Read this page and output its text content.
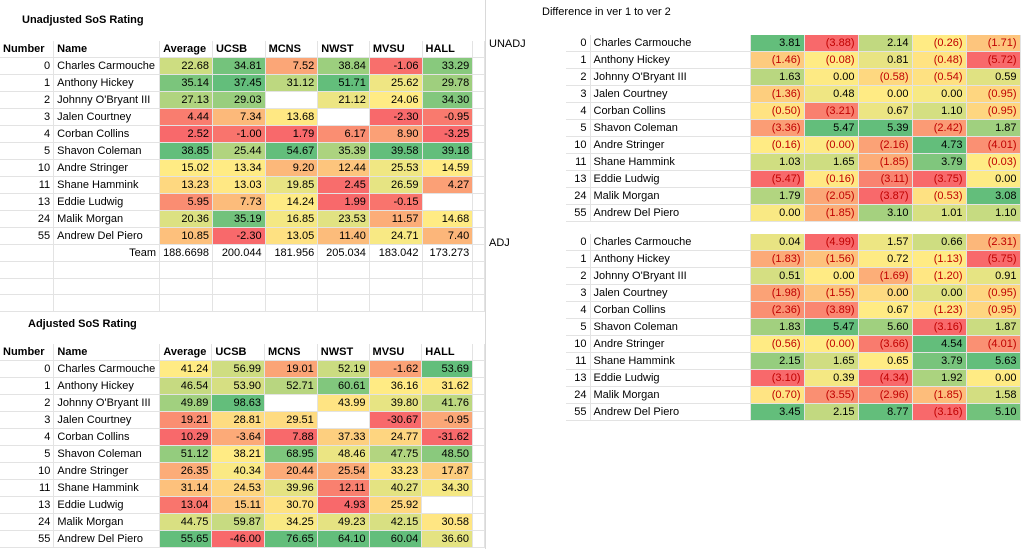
Unadjusted SoS Rating
Number	Name	Average	UCSB	MCNS	NWST	MVSU	HALL	
0	Charles Carmouche	22.68	34.81	7.52	38.84	-1.06	33.29	
1	Anthony Hickey	35.14	37.45	31.12	51.71	25.62	29.78	
2	Johnny O'Bryant III	27.13	29.03		21.12	24.06	34.30	
3	Jalen Courtney	4.44	7.34	13.68		-2.30	-0.95	
4	Corban Collins	2.52	-1.00	1.79	6.17	8.90	-3.25	
5	Shavon Coleman	38.85	25.44	54.67	35.39	39.58	39.18	
10	Andre Stringer	15.02	13.34	9.20	12.44	25.53	14.59	
11	Shane Hammink	13.23	13.03	19.85	2.45	26.59	4.27	
13	Eddie Ludwig	5.95	7.73	14.24	1.99	-0.15		
24	Malik Morgan	20.36	35.19	16.85	23.53	11.57	14.68	
55	Andrew Del Piero	10.85	-2.30	13.05	11.40	24.71	7.40	
	Team	188.6698	200.044	181.956	205.034	183.042	173.273	

Adjusted SoS Rating
Number	Name	Average	UCSB	MCNS	NWST	MVSU	HALL	
0	Charles Carmouche	41.24	56.99	19.01	52.19	-1.62	53.69	
1	Anthony Hickey	46.54	53.90	52.71	60.61	36.16	31.62	
2	Johnny O'Bryant III	49.89	98.63		43.99	39.80	41.76	
3	Jalen Courtney	19.21	28.81	29.51		-30.67	-0.95	
4	Corban Collins	10.29	-3.64	7.88	37.33	24.77	-31.62	
5	Shavon Coleman	51.12	38.21	68.95	48.46	47.75	48.50	
10	Andre Stringer	26.35	40.34	20.44	25.54	33.23	17.87	
11	Shane Hammink	31.14	24.53	39.96	12.11	40.27	34.30	
13	Eddie Ludwig	13.04	15.11	30.70	4.93	25.92		
24	Malik Morgan	44.75	59.87	34.25	49.23	42.15	30.58	
55	Andrew Del Piero	55.65	-46.00	76.65	64.10	60.04	36.60	
Difference in ver 1 to ver 2
UNADJ
ADJ
0	Charles Carmouche	3.81	(3.88)	2.14	(0.26)	(1.71)
1	Anthony Hickey	(1.46)	(0.08)	0.81	(0.48)	(5.72)
2	Johnny O'Bryant III	1.63	0.00	(0.58)	(0.54)	0.59
3	Jalen Courtney	(1.36)	0.48	0.00	0.00	(0.95)
4	Corban Collins	(0.50)	(3.21)	0.67	1.10	(0.95)
5	Shavon Coleman	(3.36)	5.47	5.39	(2.42)	1.87
10	Andre Stringer	(0.16)	(0.00)	(2.16)	4.73	(4.01)
11	Shane Hammink	1.03	1.65	(1.85)	3.79	(0.03)
13	Eddie Ludwig	(5.47)	(0.16)	(3.11)	(3.75)	0.00
24	Malik Morgan	1.79	(2.05)	(3.87)	(0.53)	3.08
55	Andrew Del Piero	0.00	(1.85)	3.10	1.01	1.10
0	Charles Carmouche	0.04	(4.99)	1.57	0.66	(2.31)
1	Anthony Hickey	(1.83)	(1.56)	0.72	(1.13)	(5.75)
2	Johnny O'Bryant III	0.51	0.00	(1.69)	(1.20)	0.91
3	Jalen Courtney	(1.98)	(1.55)	0.00	0.00	(0.95)
4	Corban Collins	(2.36)	(3.89)	0.67	(1.23)	(0.95)
5	Shavon Coleman	1.83	5.47	5.60	(3.16)	1.87
10	Andre Stringer	(0.56)	(0.00)	(3.66)	4.54	(4.01)
11	Shane Hammink	2.15	1.65	0.65	3.79	5.63
13	Eddie Ludwig	(3.10)	0.39	(4.34)	1.92	0.00
24	Malik Morgan	(0.70)	(3.55)	(2.96)	(1.85)	1.58
55	Andrew Del Piero	3.45	2.15	8.77	(3.16)	5.10
